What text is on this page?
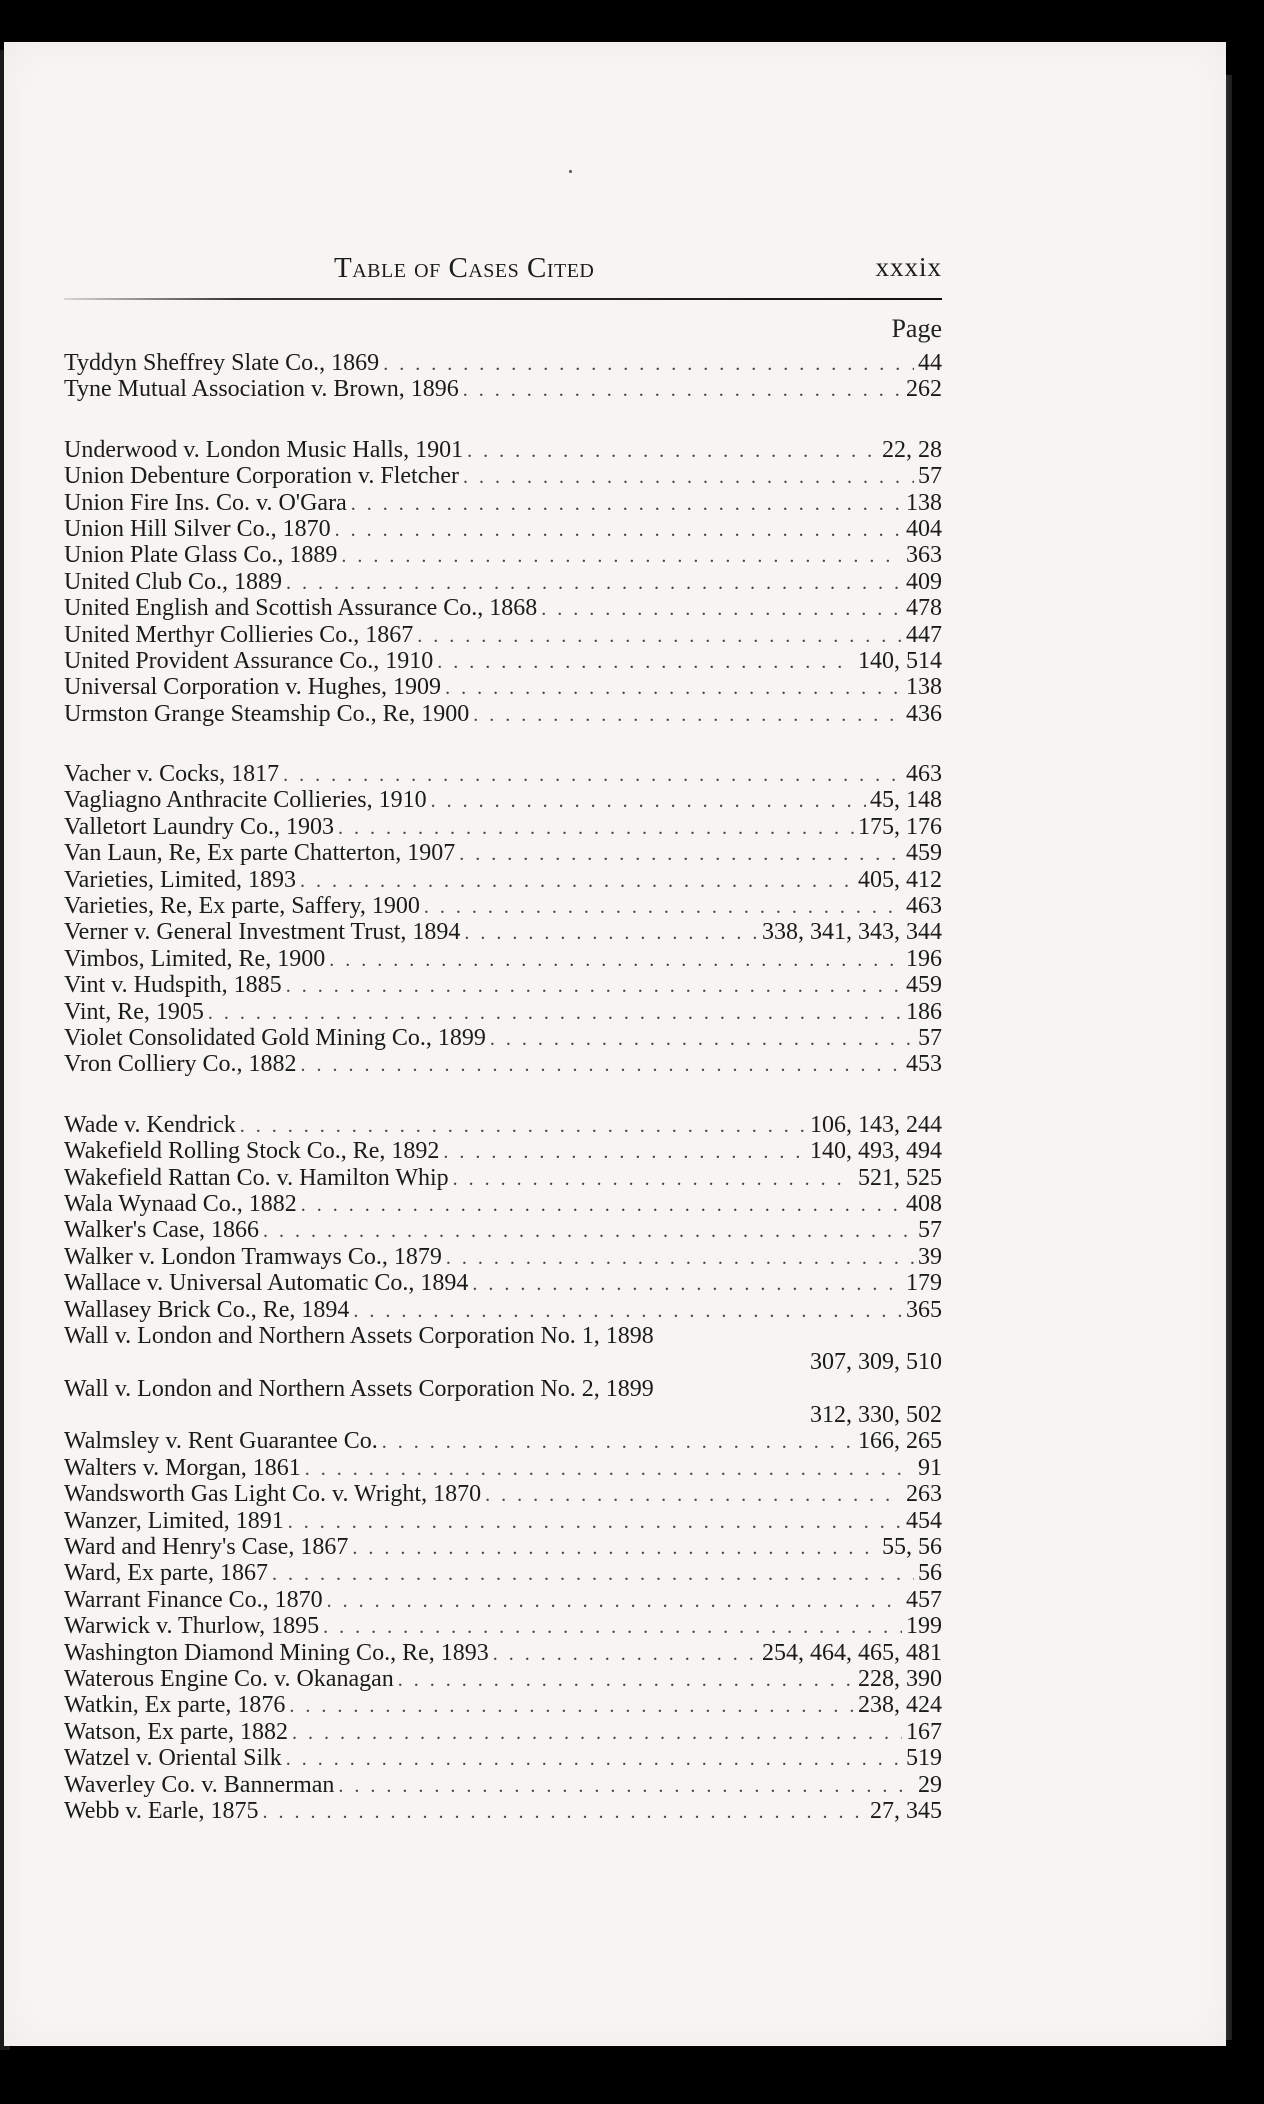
Table of Cases Cited	xxxix
Page
Tyddyn Sheffrey Slate Co., 1869 . . .	44
Tyne Mutual Association v. Brown, 1896 . . .	262
Underwood v. London Music Halls, 1901 . . .	22, 28
Union Debenture Corporation v. Fletcher . . .	57
Union Fire Ins. Co. v. O'Gara . . .	138
Union Hill Silver Co., 1870 . . .	404
Union Plate Glass Co., 1889 . . .	363
United Club Co., 1889 . . .	409
United English and Scottish Assurance Co., 1868 . . .	478
United Merthyr Collieries Co., 1867 . . .	447
United Provident Assurance Co., 1910 . . .	140, 514
Universal Corporation v. Hughes, 1909 . . .	138
Urmston Grange Steamship Co., Re, 1900 . . .	436
Vacher v. Cocks, 1817 . . .	463
Vagliagno Anthracite Collieries, 1910 . . .	45, 148
Valletort Laundry Co., 1903 . . .	175, 176
Van Laun, Re, Ex parte Chatterton, 1907 . . .	459
Varieties, Limited, 1893 . . .	405, 412
Varieties, Re, Ex parte, Saffery, 1900 . . .	463
Verner v. General Investment Trust, 1894 . . .	338, 341, 343, 344
Vimbos, Limited, Re, 1900 . . .	196
Vint v. Hudspith, 1885 . . .	459
Vint, Re, 1905 . . .	186
Violet Consolidated Gold Mining Co., 1899 . . .	57
Vron Colliery Co., 1882 . . .	453
Wade v. Kendrick . . .	106, 143, 244
Wakefield Rolling Stock Co., Re, 1892 . . .	140, 493, 494
Wakefield Rattan Co. v. Hamilton Whip . . .	521, 525
Wala Wynaad Co., 1882 . . .	408
Walker's Case, 1866 . . .	57
Walker v. London Tramways Co., 1879 . . .	39
Wallace v. Universal Automatic Co., 1894 . . .	179
Wallasey Brick Co., Re, 1894 . . .	365
Wall v. London and Northern Assets Corporation No. 1, 1898
307, 309, 510
Wall v. London and Northern Assets Corporation No. 2, 1899
312, 330, 502
Walmsley v. Rent Guarantee Co. . . .	166, 265
Walters v. Morgan, 1861 . . .	91
Wandsworth Gas Light Co. v. Wright, 1870 . . .	263
Wanzer, Limited, 1891 . . .	454
Ward and Henry's Case, 1867 . . .	55, 56
Ward, Ex parte, 1867 . . .	56
Warrant Finance Co., 1870 . . .	457
Warwick v. Thurlow, 1895 . . .	199
Washington Diamond Mining Co., Re, 1893 . . .	254, 464, 465, 481
Waterous Engine Co. v. Okanagan . . .	228, 390
Watkin, Ex parte, 1876 . . .	238, 424
Watson, Ex parte, 1882 . . .	167
Watzel v. Oriental Silk . . .	519
Waverley Co. v. Bannerman . . .	29
Webb v. Earle, 1875 . . .	27, 345
